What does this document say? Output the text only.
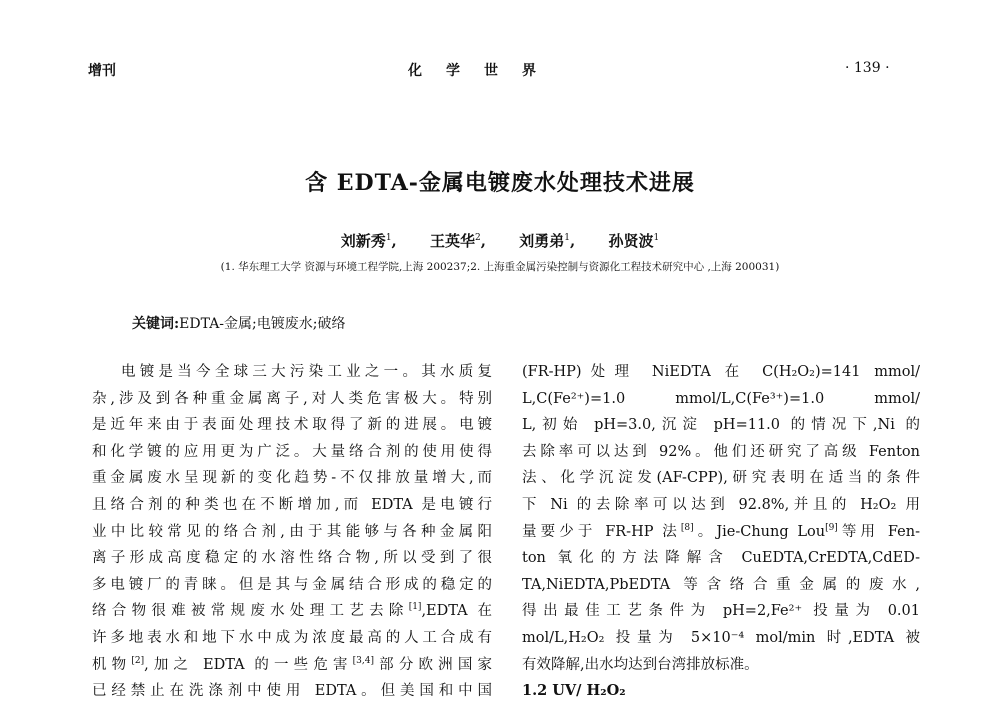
增刊	化学世界	· 139 ·
含 EDTA-金属电镀废水处理技术进展
刘新秀$^1$, 王英华$^2$, 刘勇弟$^1$, 孙贤波$^1$
(1. 华东理工大学 资源与环境工程学院,上海 200237;2. 上海重金属污染控制与资源化工程技术研究中心 ,上海 200031)
关键词:EDTA-金属;电镀废水;破络
电镀是当今全球三大污染工业之一。其水质复
杂,涉及到各种重金属离子,对人类危害极大。特别
是近年来由于表面处理技术取得了新的进展。电镀
和化学镀的应用更为广泛。大量络合剂的使用使得
重金属废水呈现新的变化趋势-不仅排放量增大,而
且络合剂的种类也在不断增加,而 EDTA 是电镀行
业中比较常见的络合剂,由于其能够与各种金属阳
离子形成高度稳定的水溶性络合物,所以受到了很
多电镀厂的青睐。但是其与金属结合形成的稳定的
络合物很难被常规废水处理工艺去除[1],EDTA 在
许多地表水和地下水中成为浓度最高的人工合成有
机物[2],加之 EDTA 的一些危害[3,4]部分欧洲国家
已经禁止在洗涤剂中使用 EDTA。但美国和中国
(FR-HP)处理 NiEDTA 在 C(H₂O₂)=141 mmol/
L,C(Fe²⁺)=1.0 mmol/L,C(Fe³⁺)=1.0 mmol/
L,初始 pH=3.0,沉淀 pH=11.0 的情况下,Ni 的
去除率可以达到 92%。他们还研究了高级 Fenton
法、化学沉淀发(AF-CPP),研究表明在适当的条件
下 Ni 的去除率可以达到 92.8%,并且的 H₂O₂ 用
量要少于 FR-HP 法[8]。Jie-Chung Lou[9]等用 Fen-
ton 氧化的方法降解含 CuEDTA,CrEDTA,CdED-
TA,NiEDTA,PbEDTA 等含络合重金属的废水,
得出最佳工艺条件为 pH=2,Fe²⁺ 投量为 0.01
mol/L,H₂O₂ 投量为 5×10⁻⁴ mol/min 时,EDTA 被
有效降解,出水均达到台湾排放标准。
1.2 UV/ H₂O₂
